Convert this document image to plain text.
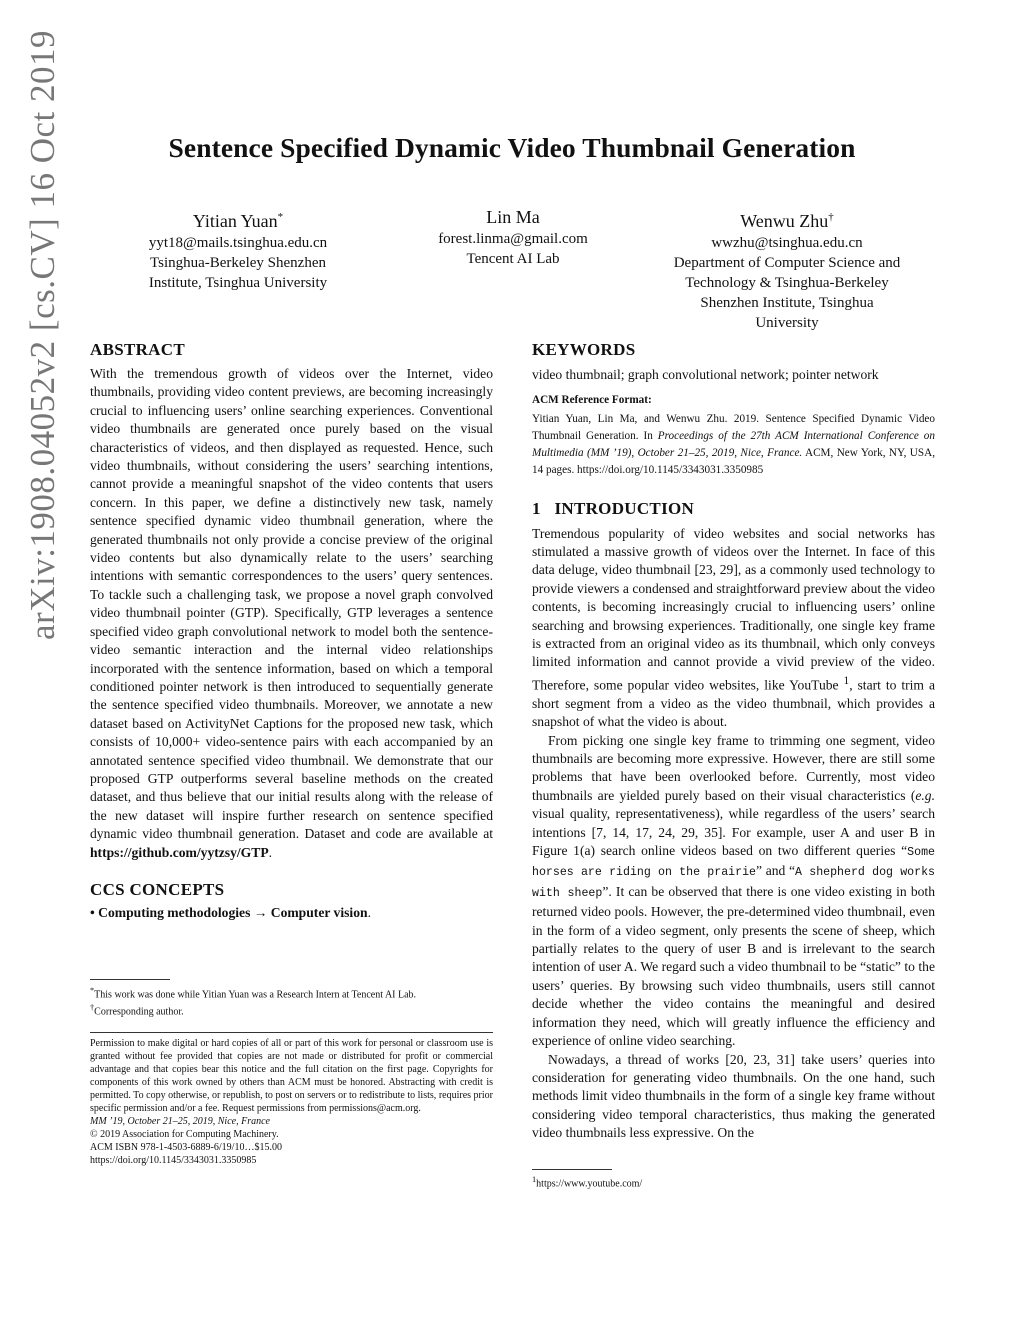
Sentence Specified Dynamic Video Thumbnail Generation
arXiv:1908.04052v2 [cs.CV] 16 Oct 2019	Yitian Yuan*
yyt18@mails.tsinghua.edu.cn
Tsinghua-Berkeley Shenzhen
Institute, Tsinghua University
Lin Ma
forest.linma@gmail.com
Tencent AI Lab
Wenwu Zhu†
wwzhu@tsinghua.edu.cn
Department of Computer Science and
Technology & Tsinghua-Berkeley
Shenzhen Institute, Tsinghua
University
ABSTRACT

With the tremendous growth of videos over the Internet, video thumbnails, providing video content previews, are becoming increasingly crucial to influencing users’ online searching experiences. Conventional video thumbnails are generated once purely based on the visual characteristics of videos, and then displayed as requested. Hence, such video thumbnails, without considering the users’ searching intentions, cannot provide a meaningful snapshot of the video contents that users concern. In this paper, we define a distinctively new task, namely sentence specified dynamic video thumbnail generation, where the generated thumbnails not only provide a concise preview of the original video contents but also dynamically relate to the users’ searching intentions with semantic correspondences to the users’ query sentences. To tackle such a challenging task, we propose a novel graph convolved video thumbnail pointer (GTP). Specifically, GTP leverages a sentence specified video graph convolutional network to model both the sentence-video semantic interaction and the internal video relationships incorporated with the sentence information, based on which a temporal conditioned pointer network is then introduced to sequentially generate the sentence specified video thumbnails. Moreover, we annotate a new dataset based on ActivityNet Captions for the proposed new task, which consists of 10,000+ video-sentence pairs with each accompanied by an annotated sentence specified video thumbnail. We demonstrate that our proposed GTP outperforms several baseline methods on the created dataset, and thus believe that our initial results along with the release of the new dataset will inspire further research on sentence specified dynamic video thumbnail generation. Dataset and code are available at https://github.com/yytzsy/GTP.

CCS CONCEPTS
• Computing methodologies → Computer vision.
*This work was done while Yitian Yuan was a Research Intern at Tencent AI Lab.
†Corresponding author.
Permission to make digital or hard copies of all or part of this work for personal or classroom use is granted without fee provided that copies are not made or distributed for profit or commercial advantage and that copies bear this notice and the full citation on the first page. Copyrights for components of this work owned by others than ACM must be honored. Abstracting with credit is permitted. To copy otherwise, or republish, to post on servers or to redistribute to lists, requires prior specific permission and/or a fee. Request permissions from permissions@acm.org.
MM ’19, October 21–25, 2019, Nice, France
© 2019 Association for Computing Machinery.
ACM ISBN 978-1-4503-6889-6/19/10…$15.00
https://doi.org/10.1145/3343031.3350985
KEYWORDS
video thumbnail; graph convolutional network; pointer network
ACM Reference Format:
Yitian Yuan, Lin Ma, and Wenwu Zhu. 2019. Sentence Specified Dynamic Video Thumbnail Generation. In Proceedings of the 27th ACM International Conference on Multimedia (MM ’19), October 21–25, 2019, Nice, France. ACM, New York, NY, USA, 14 pages. https://doi.org/10.1145/3343031.3350985
1 INTRODUCTION

Tremendous popularity of video websites and social networks has stimulated a massive growth of videos over the Internet. In face of this data deluge, video thumbnail [23, 29], as a commonly used technology to provide viewers a condensed and straightforward preview about the video contents, is becoming increasingly crucial to influencing users’ online searching and browsing experiences. Traditionally, one single key frame is extracted from an original video as its thumbnail, which only conveys limited information and cannot provide a vivid preview of the video. Therefore, some popular video websites, like YouTube $^1$, start to trim a short segment from a video as the video thumbnail, which provides a snapshot of what the video is about.

From picking one single key frame to trimming one segment, video thumbnails are becoming more expressive. However, there are still some problems that have been overlooked before. Currently, most video thumbnails are yielded purely based on their visual characteristics (e.g. visual quality, representativeness), while regardless of the users’ search intentions [7, 14, 17, 24, 29, 35]. For example, user A and user B in Figure 1(a) search online videos based on two different queries “Some horses are riding on the prairie” and “A shepherd dog works with sheep”. It can be observed that there is one video existing in both returned video pools. However, the pre-determined video thumbnail, even in the form of a video segment, only presents the scene of sheep, which partially relates to the query of user B and is irrelevant to the search intention of user A. We regard such a video thumbnail to be “static” to the users’ queries. By browsing such video thumbnails, users still cannot decide whether the video contains the meaningful and desired information they need, which will greatly influence the efficiency and experience of online video searching.

Nowadays, a thread of works [20, 23, 31] take users’ queries into consideration for generating video thumbnails. On the one hand, such methods limit video thumbnails in the form of a single key frame without considering video temporal characteristics, thus making the generated video thumbnails less expressive. On the

$^1$https://www.youtube.com/
